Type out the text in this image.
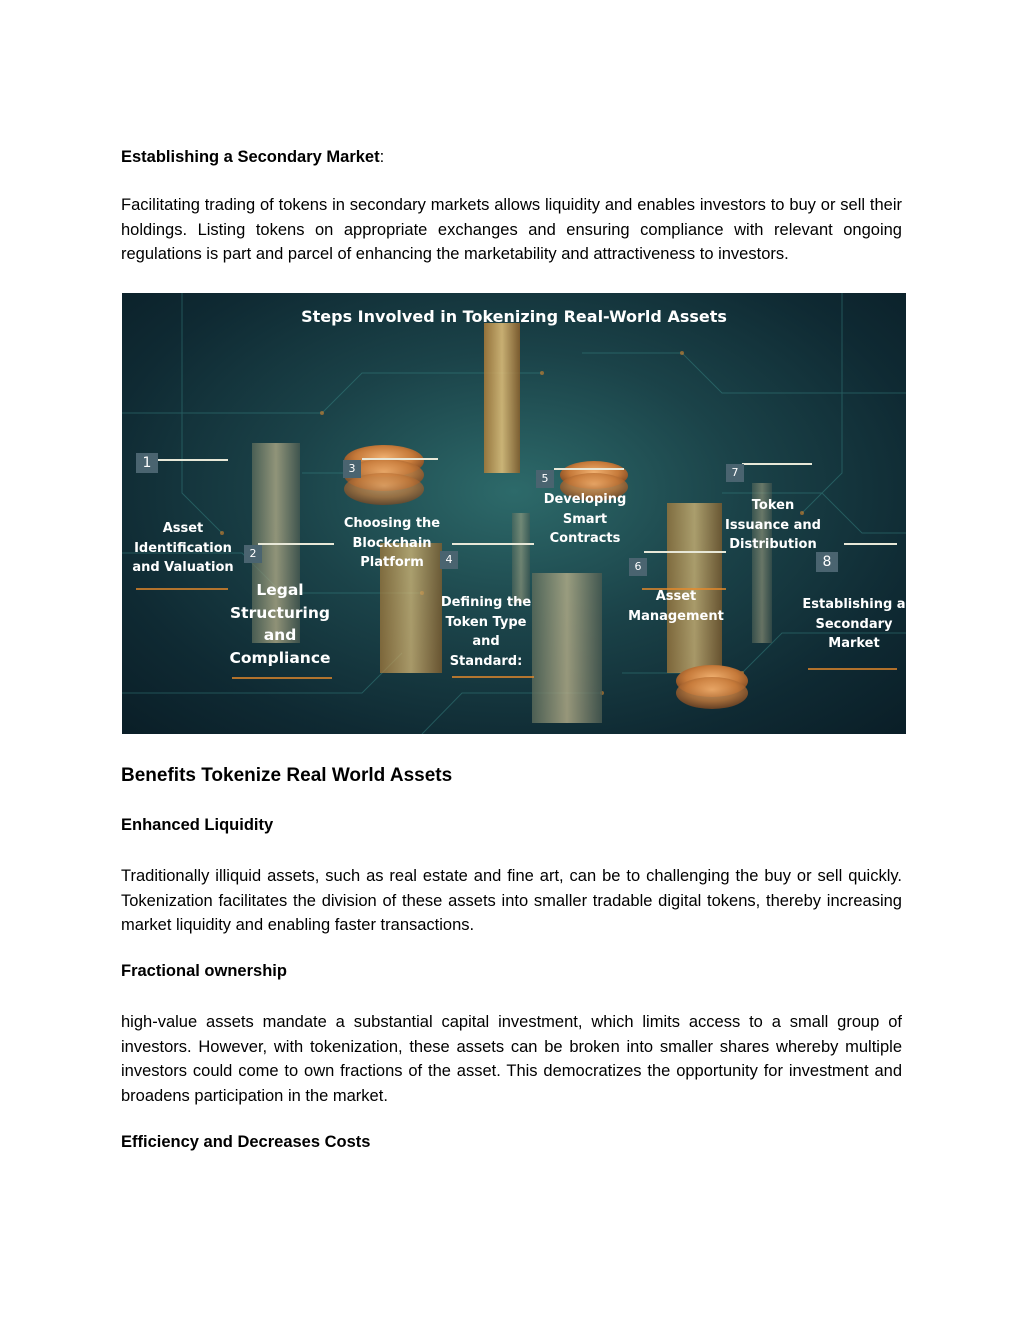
Establishing a Secondary Market:
Facilitating trading of tokens in secondary markets allows liquidity and enables investors to buy or sell their holdings. Listing tokens on appropriate exchanges and ensuring compliance with relevant ongoing regulations is part and parcel of enhancing the marketability and attractiveness to investors.
Steps Involved in Tokenizing Real-World Assets
1
Asset Identification and Valuation
2
Legal Structuring and Compliance
3
Choosing the Blockchain Platform	4
Defining the Token Type and Standard:
5
Developing Smart Contracts
6
Asset Management
7
Token Issuance and Distribution
8
Establishing a Secondary Market
Benefits Tokenize Real World Assets
Enhanced Liquidity
Traditionally illiquid assets, such as real estate and fine art, can be to challenging the buy or sell quickly. Tokenization facilitates the division of these assets into smaller tradable digital tokens, thereby increasing market liquidity and enabling faster transactions.
Fractional ownership
high-value assets mandate a substantial capital investment, which limits access to a small group of investors. However, with tokenization, these assets can be broken into smaller shares whereby multiple investors could come to own fractions of the asset. This democratizes the opportunity for investment and broadens participation in the market.
Efficiency and Decreases Costs
